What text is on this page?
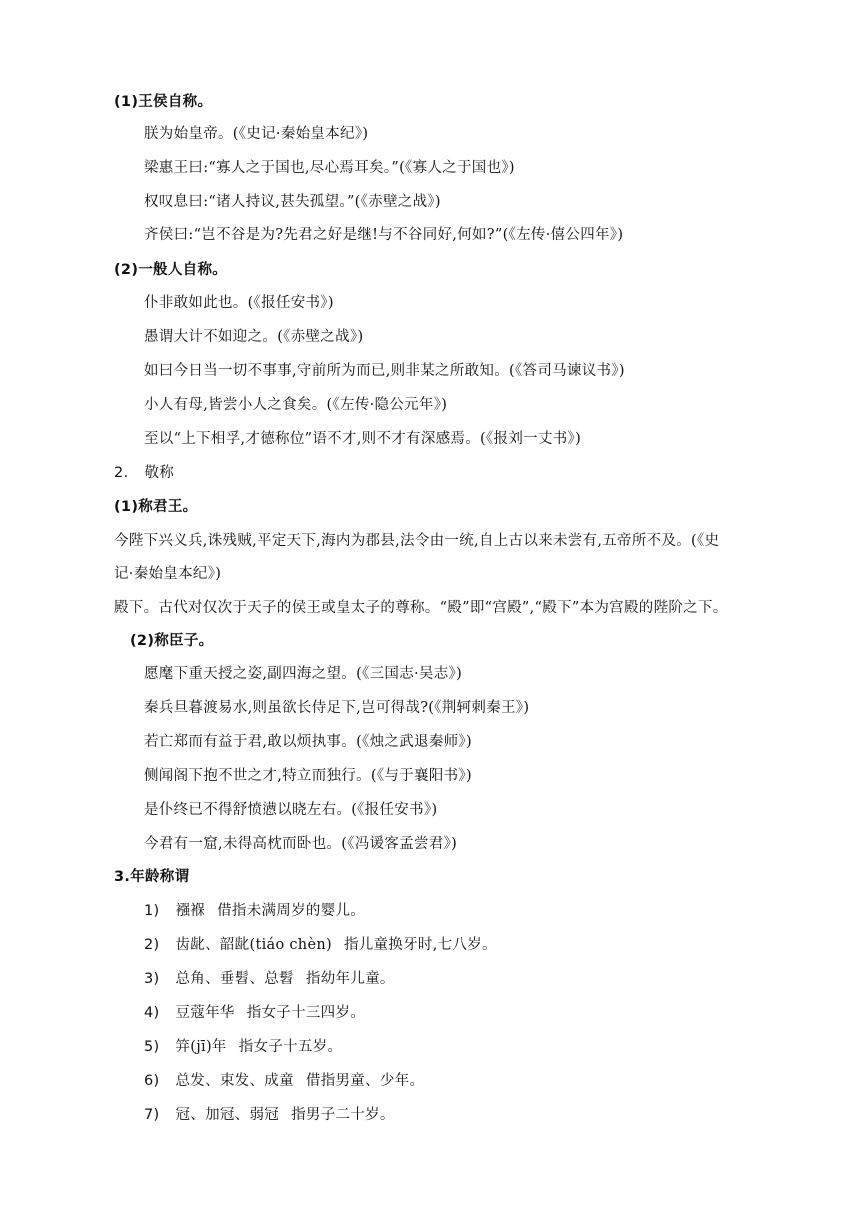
(1)王侯自称。
朕为始皇帝。(《史记·秦始皇本纪》)
梁惠王曰:“寡人之于国也,尽心焉耳矣。”(《寡人之于国也》)
权叹息曰:“诸人持议,甚失孤望。”(《赤壁之战》)
齐侯曰:“岂不谷是为?先君之好是继!与不谷同好,何如?”(《左传·僖公四年》)
(2)一般人自称。
仆非敢如此也。(《报任安书》)
愚谓大计不如迎之。(《赤壁之战》)
如曰今日当一切不事事,守前所为而已,则非某之所敢知。(《答司马谏议书》)
小人有母,皆尝小人之食矣。(《左传·隐公元年》)
至以“上下相孚,才德称位”语不才,则不才有深感焉。(《报刘一丈书》)
2. 敬称
(1)称君王。
今陛下兴义兵,诛残贼,平定天下,海内为郡县,法令由一统,自上古以来未尝有,五帝所不及。(《史
记·秦始皇本纪》)
殿下。古代对仅次于天子的侯王或皇太子的尊称。“殿”即“宫殿”,“殿下”本为宫殿的陛阶之下。
(2)称臣子。
愿麾下重天授之姿,副四海之望。(《三国志·吴志》)
秦兵旦暮渡易水,则虽欲长侍足下,岂可得哉?(《荆轲刺秦王》)
若亡郑而有益于君,敢以烦执事。(《烛之武退秦师》)
侧闻阁下抱不世之才,特立而独行。(《与于襄阳书》)
是仆终已不得舒愤懑以晓左右。(《报任安书》)
今君有一窟,未得高枕而卧也。(《冯谖客孟尝君》)
3.年龄称谓
1) 襁褓 借指未满周岁的婴儿。
2) 齿龀、韶龀(tiáo chèn) 指儿童换牙时,七八岁。
3) 总角、垂髫、总髫 指幼年儿童。
4) 豆蔻年华 指女子十三四岁。
5) 笄(jī)年 指女子十五岁。
6) 总发、束发、成童 借指男童、少年。
7) 冠、加冠、弱冠 指男子二十岁。
